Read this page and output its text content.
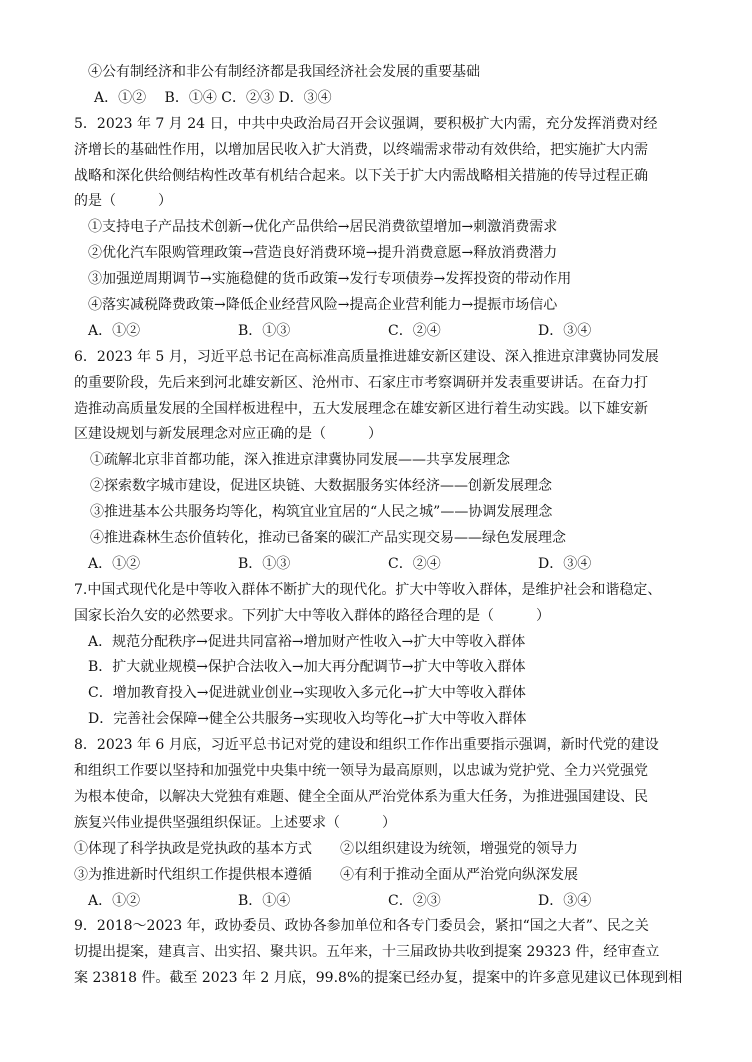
④公有制经济和非公有制经济都是我国经济社会发展的重要基础
A．①②　 B．①④ C．②③ D．③④
5．2023 年 7 月 24 日，中共中央政治局召开会议强调，要积极扩大内需，充分发挥消费对经
济增长的基础性作用，以增加居民收入扩大消费，以终端需求带动有效供给，把实施扩大内需
战略和深化供给侧结构性改革有机结合起来。以下关于扩大内需战略相关措施的传导过程正确
的是（　　　）
①支持电子产品技术创新→优化产品供给→居民消费欲望增加→刺激消费需求
②优化汽车限购管理政策→营造良好消费环境→提升消费意愿→释放消费潜力
③加强逆周期调节→实施稳健的货币政策→发行专项债券→发挥投资的带动作用
④落实减税降费政策→降低企业经营风险→提高企业营利能力→提振市场信心
A．①②	B．①③	C．②④	D．③④
6．2023 年 5 月，习近平总书记在高标准高质量推进雄安新区建设、深入推进京津冀协同发展
的重要阶段，先后来到河北雄安新区、沧州市、石家庄市考察调研并发表重要讲话。在奋力打
造推动高质量发展的全国样板进程中，五大发展理念在雄安新区进行着生动实践。以下雄安新
区建设规划与新发展理念对应正确的是（　　　）
①疏解北京非首都功能，深入推进京津冀协同发展——共享发展理念
②探索数字城市建设，促进区块链、大数据服务实体经济——创新发展理念
③推进基本公共服务均等化，构筑宜业宜居的“人民之城”——协调发展理念
④推进森林生态价值转化，推动已备案的碳汇产品实现交易——绿色发展理念
A．①②	B．①③	C．②④	D．③④
7.中国式现代化是中等收入群体不断扩大的现代化。扩大中等收入群体，是维护社会和谐稳定、
国家长治久安的必然要求。下列扩大中等收入群体的路径合理的是（　　　）
A．规范分配秩序→促进共同富裕→增加财产性收入→扩大中等收入群体
B．扩大就业规模→保护合法收入→加大再分配调节→扩大中等收入群体
C．增加教育投入→促进就业创业→实现收入多元化→扩大中等收入群体
D．完善社会保障→健全公共服务→实现收入均等化→扩大中等收入群体
8．2023 年 6 月底，习近平总书记对党的建设和组织工作作出重要指示强调，新时代党的建设
和组织工作要以坚持和加强党中央集中统一领导为最高原则，以忠诚为党护党、全力兴党强党
为根本使命，以解决大党独有难题、健全全面从严治党体系为重大任务，为推进强国建设、民
族复兴伟业提供坚强组织保证。上述要求（　　　）
①体现了科学执政是党执政的基本方式　　②以组织建设为统领，增强党的领导力
③为推进新时代组织工作提供根本遵循　　④有利于推动全面从严治党向纵深发展
A．①②	B．①④	C．②③	D．③④
9．2018～2023 年，政协委员、政协各参加单位和各专门委员会，紧扣“国之大者”、民之关
切提出提案，建真言、出实招、聚共识。五年来，十三届政协共收到提案 29323 件，经审查立
案 23818 件。截至 2023 年 2 月底，99.8%的提案已经办复，提案中的许多意见建议已体现到相
